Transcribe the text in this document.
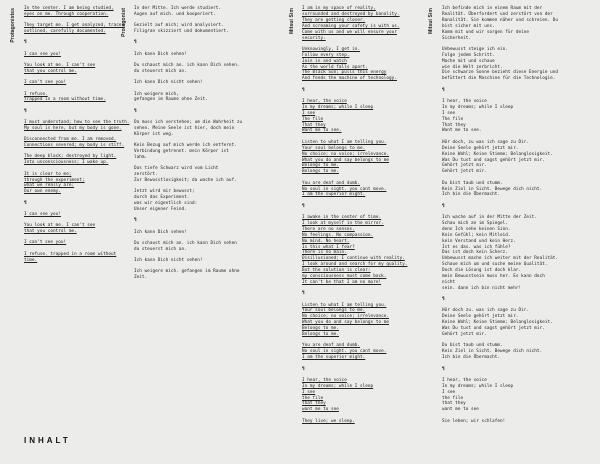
Protagonistes	Protagonist	Mitsui Sim	Mitsui Sim
In the center. I am being studied,
eyes on me. Through cooperation.
They target me. I get analyzed, traces
outlined, carefully documented.
¶
I can see you!
You look at me. I can't see
that you control me.
I can't see you!
I refuse.
trapped in a room without time.
¶
I must understand; how to see the truth.
My soul is here, but my body is gone.
Disconnected from me. I am removed.
Connections severed; my body is stiff.
The deep black; destroyed by light.
Into unconsciousness; I wake up.
It is clear to me;
through the experiment;
what we really are:
Our own enemy.
¶
I can see you!
You look at me. I can't see
that you control me.
I can't see you!
I refuse. trapped in a room without
time.
In der Mitte. Ich werde studiert.
Augen auf mich. und kooperiert.
Gezielt auf mich; wird analysiert.
Filigran skizziert und dokumentiert.
¶
Ich kann Dich sehen!
Du schaust mich an. ich kann Dich sehen.
du steuerst mich an.
Ich kann Dich nicht sehen!
Ich weigere mich,
gefangen im Raume ohne Zeit.
¶
Da muss ich verstehen; um die Wahrheit zu
sehen. Meine Seele ist hier, doch mein
Körper ist weg.
Kein Bezug auf mich werde ich entfernt.
Verbindung getrennt. mein Körper ist
lahm.
Das tiefe Schwarz wird vom Licht
zerstört.
Zur Bewusstlosigkeit; da wache ich auf.
Jetzt wird mir bewusst;
durch das Experiment.
was wir eigentlich sind:
Unser eigener Feind.
¶
Ich kann Dich sehen!
Du schaust mich an. ich kann Dich sehen
du steuerst mich an.
Ich kann Dich nicht sehen!
Ich weigere mich. gefangen im Raume ohne
Zeit.
I am in my space of reality,
surrounded and destroyed by banality.
They are getting closer.
And screaming your safety is with us.
Come with us and we will ensure your
security.
Unknowingly, I get in.
Follow every step.
Join in and watch
As the world falls apart.
The Black Sun; pulls this energy
And feeds the machine of technology.
¶
I hear, the voice
In my dreams; while I sleep
I see
The file
That they
Want me to see.
Listen to what I am telling you.
Your soul belongs to me.
No choice; no voice; irrelevance.
What you do and say belongs to me
Belongs to me.
Belongs to me.
You are deaf and dumb.
No soul in sight. you cant move.
I am the superior might.
¶
I awake in the center of time.
I look at myself in the mirror.
There are no senses.
No feelings. No compassion.
No mind. No heart.
Is this what I fear?
There is no main.
Disillusioned; I continue with reality.
I look around and search for my quality.
But the solution is clear:
my consciousness must come back.
It can't be that I am no more!
¶
Listen to what I am telling you.
Your soul belongs to me.
No choice; no voice; irrelevance.
What you do and say belongs to me
Belongs to me.
Belongs to me.
You are deaf and dumb.
No soul in sight. you cant move.
I am the superior might.
¶
I hear, the voice
In my dreams; while I sleep
I see
the file
that they
want me to see
They live; we sleep.
Ich befinde mich in einem Raum mit der
Realität. Überfordert und zerstört von der
Banalität. Sie kommen näher und schreien. Du
bist sicher mit uns.
Komm mit und wir sorgen für deine Sicherheit.
Unbewusst steige ich ein.
Folge jedem Schritt.
Mache mit und schaue
wie die Welt zerbricht.
Die schwarze Sonne bezieht diese Energie und
befüttert die Maschine für die Technologie.
¶
I hear, the voice
In my dreams; while I sleep
I see
The file
That they
Want me to see.
Hör doch, zu was ich sage zu Dir.
Deine Seele gehört jetzt mir.
Keine Wahl; Keine Stimme; Belanglosigkeit.
Was Du tust und sagst gehört jetzt mir.
Gehört jetzt mir.
Gehört jetzt mir.
Du bist taub und stumm.
Kein Ziel in Sicht. Bewege dich nicht.
Ich bin die Übermacht.
¶
Ich wache auf in der Mitte der Zeit.
Schau mich an im Spiegel.
denn Ich sehe keinen Sinn.
Kein Gefühl; kein Mitleid.
kein Verstand und kein Herz.
Ist es das. was ich fühle?
Das ist doch kein Scherz.
Unbewusst mache ich weiter mit der Realität.
Schaue mich um und suche meine Qualität.
Doch die Lösung ist doch klar.
mein Bewusstsein muss her. Es kann doch nicht
sein. dann ich bin nicht mehr!
¶
Hör doch zu. was ich sage zu Dir.
Deine Seele gehört jetzt mir.
Keine Wahl; Keine Stimme; Belanglosigkeit.
Was Du tust und sagst gehört jetzt mir.
Gehört jetzt mir.
Du bist taub und stumm.
Kein Ziel in Sicht. Bewege dich nicht.
Ich bin die Übermacht.
¶
I hear, the voice
In my dreams; while I sleep
I see
the file
that they
want me to see
Sie leben; wir schlafen!
INHALT
